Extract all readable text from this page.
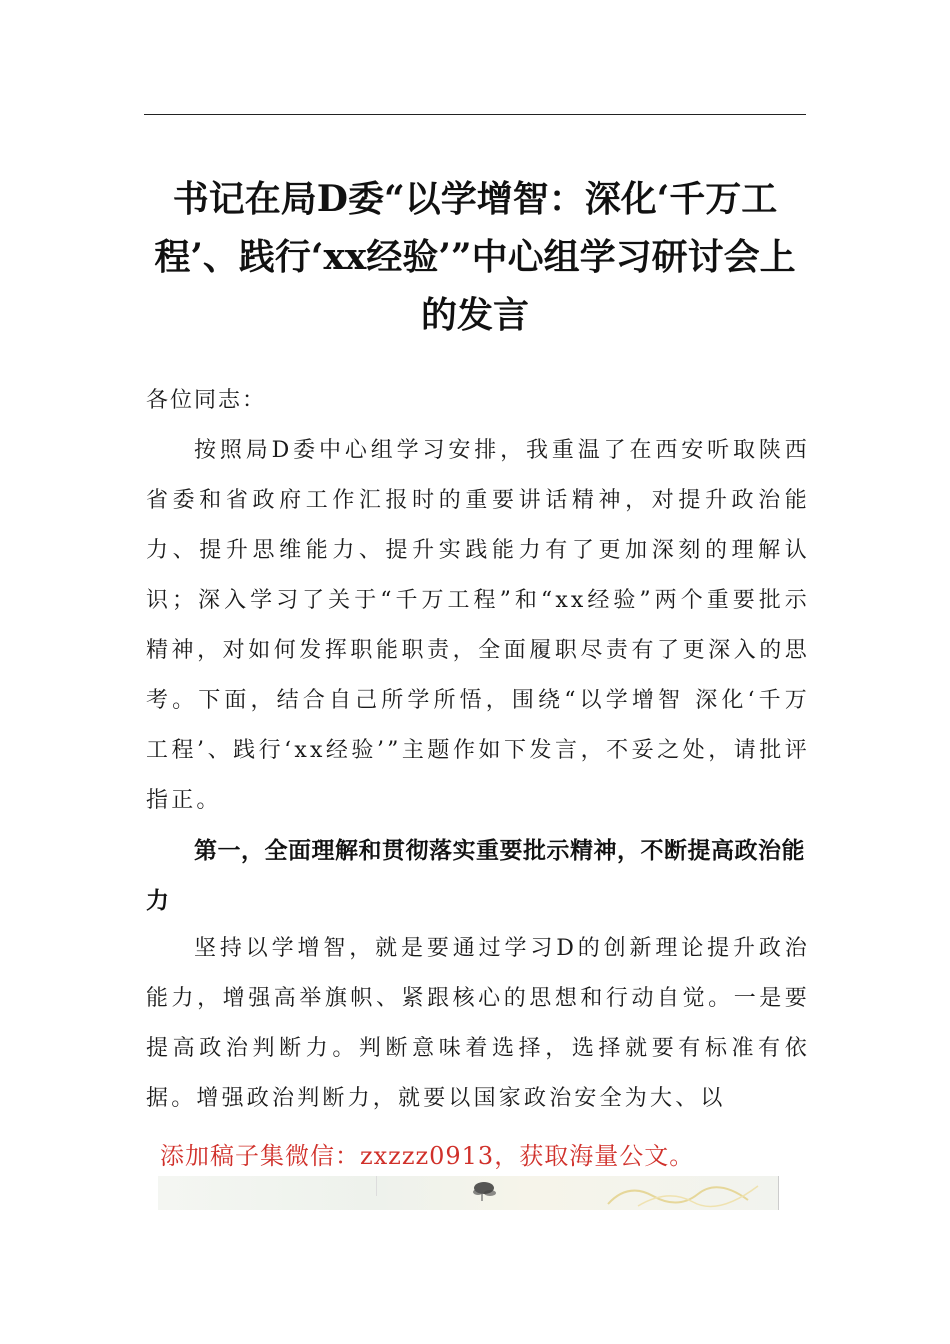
书记在局D委“以学增智：深化‘千万工程’、践行‘xx经验’”中心组学习研讨会上的发言
各位同志：
按照局D委中心组学习安排，我重温了在西安听取陕西省委和省政府工作汇报时的重要讲话精神，对提升政治能力、提升思维能力、提升实践能力有了更加深刻的理解认识；深入学习了关于“千万工程”和“xx经验”两个重要批示精神，对如何发挥职能职责，全面履职尽责有了更深入的思考。下面，结合自己所学所悟，围绕“以学增智 深化‘千万工程’、践行‘xx经验’”主题作如下发言，不妥之处，请批评指正。
第一，全面理解和贯彻落实重要批示精神，不断提高政治能力
坚持以学增智，就是要通过学习D的创新理论提升政治能力，增强高举旗帜、紧跟核心的思想和行动自觉。一是要提高政治判断力。判断意味着选择，选择就要有标准有依据。增强政治判断力，就要以国家政治安全为大、以
添加稿子集微信：zxzzz0913，获取海量公文。
